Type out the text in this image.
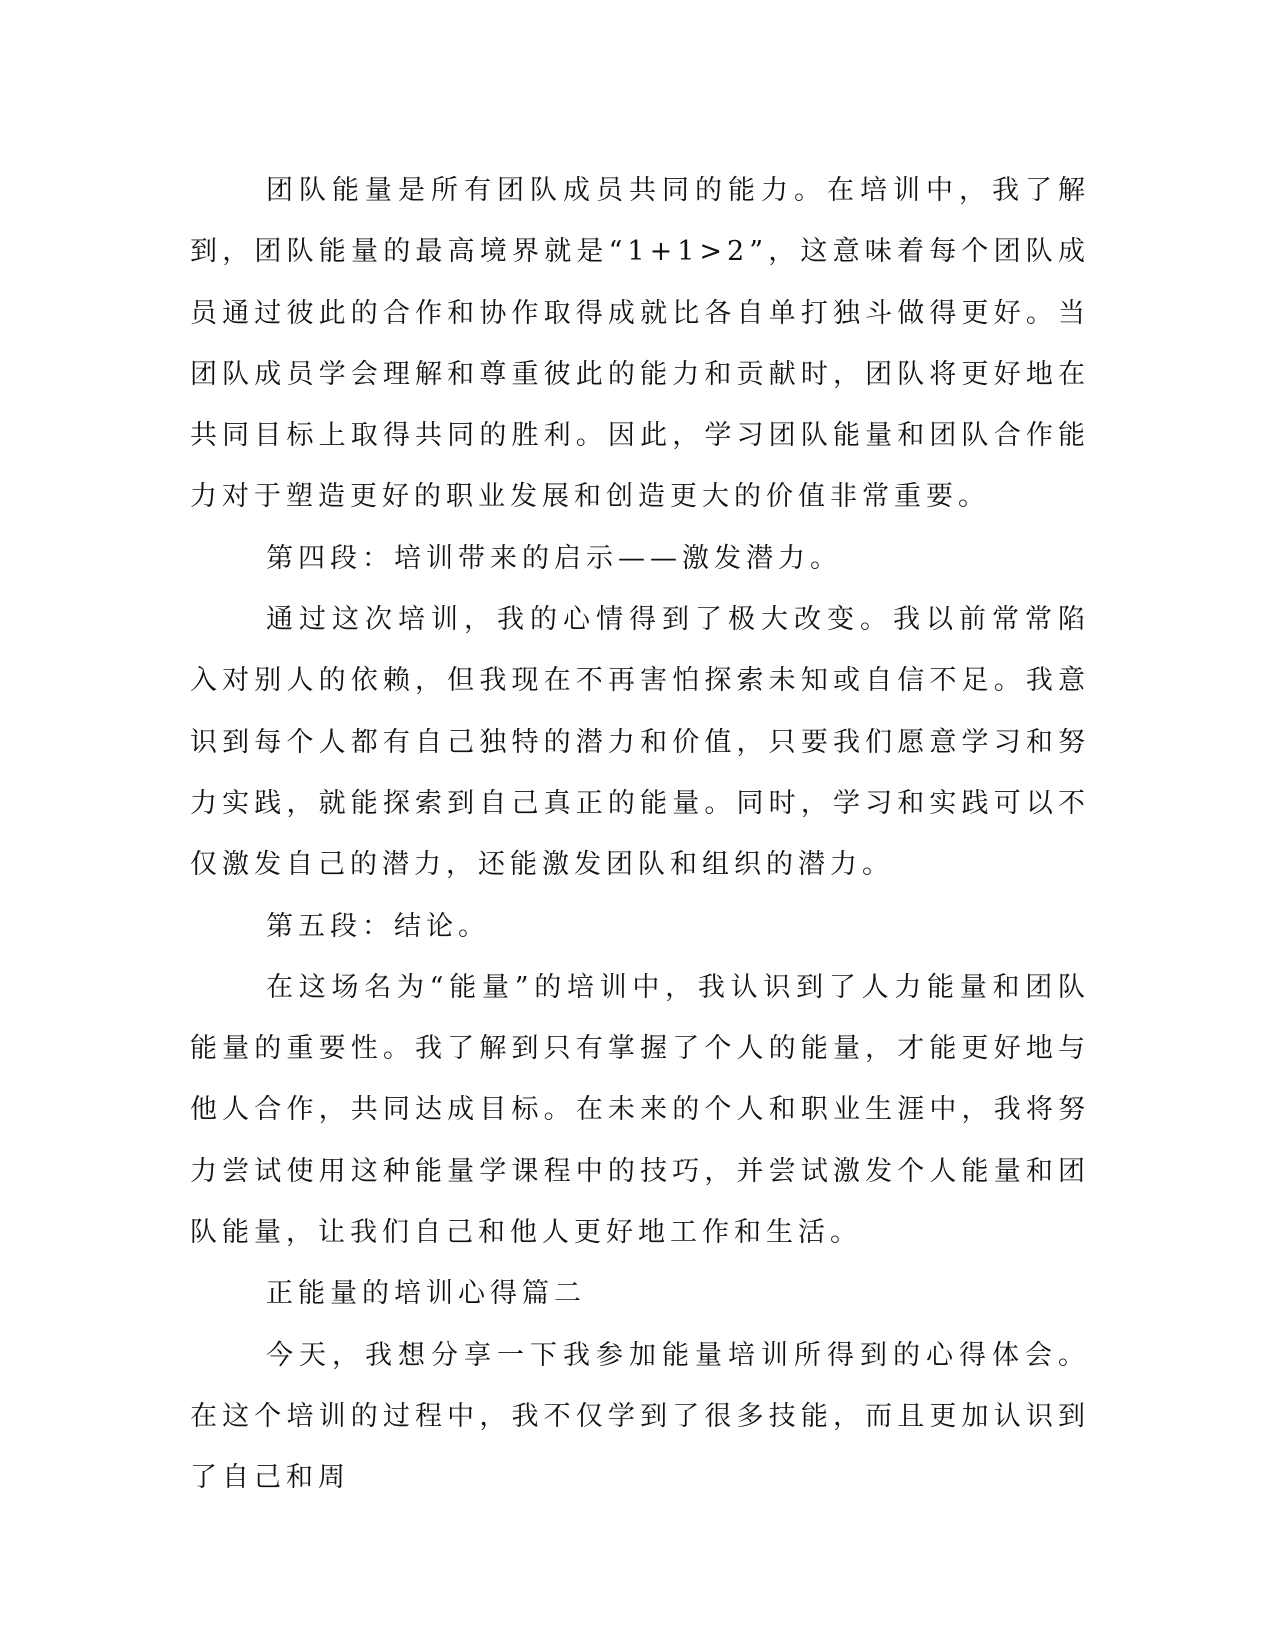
团队能量是所有团队成员共同的能力。在培训中，我了解到，团队能量的最高境界就是“1+1>2”，这意味着每个团队成员通过彼此的合作和协作取得成就比各自单打独斗做得更好。当团队成员学会理解和尊重彼此的能力和贡献时，团队将更好地在共同目标上取得共同的胜利。因此，学习团队能量和团队合作能力对于塑造更好的职业发展和创造更大的价值非常重要。

第四段：培训带来的启示——激发潜力。

通过这次培训，我的心情得到了极大改变。我以前常常陷入对别人的依赖，但我现在不再害怕探索未知或自信不足。我意识到每个人都有自己独特的潜力和价值，只要我们愿意学习和努力实践，就能探索到自己真正的能量。同时，学习和实践可以不仅激发自己的潜力，还能激发团队和组织的潜力。

第五段：结论。

在这场名为“能量”的培训中，我认识到了人力能量和团队能量的重要性。我了解到只有掌握了个人的能量，才能更好地与他人合作，共同达成目标。在未来的个人和职业生涯中，我将努力尝试使用这种能量学课程中的技巧，并尝试激发个人能量和团队能量，让我们自己和他人更好地工作和生活。

正能量的培训心得篇二

今天，我想分享一下我参加能量培训所得到的心得体会。在这个培训的过程中，我不仅学到了很多技能，而且更加认识到了自己和周
